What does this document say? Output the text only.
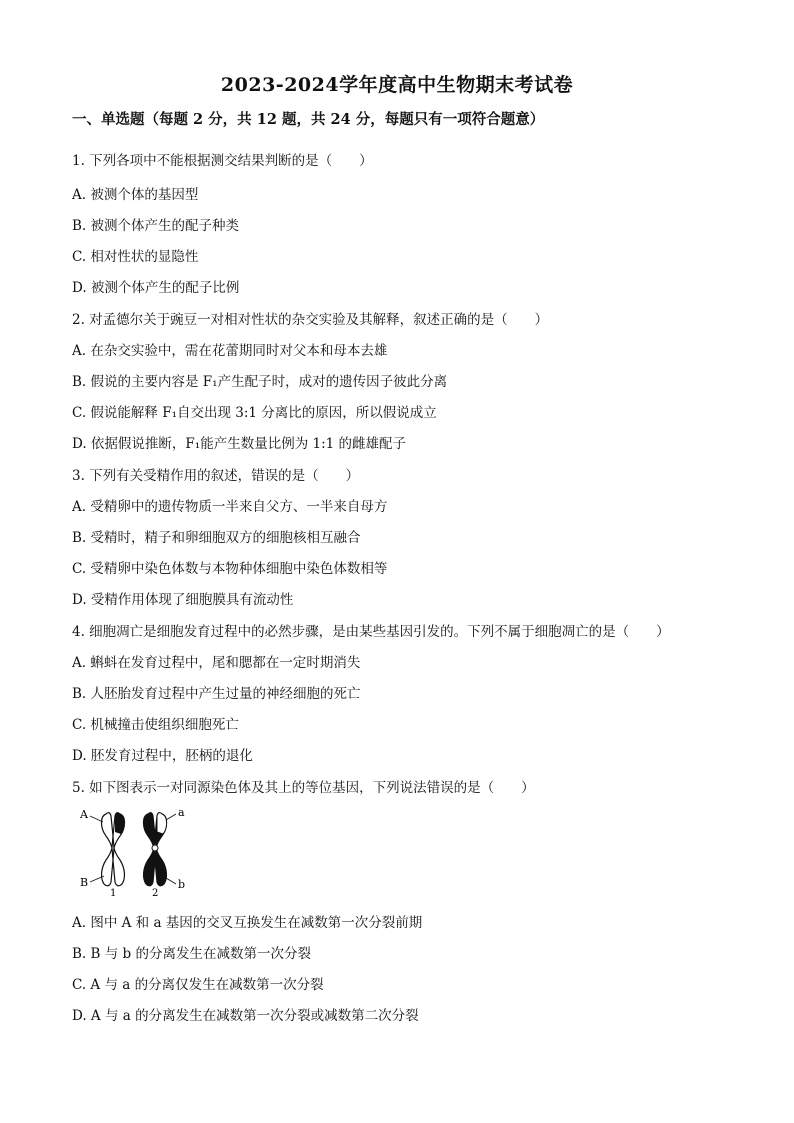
2023-2024学年度高中生物期末考试卷
一、单选题（每题 2 分，共 12 题，共 24 分，每题只有一项符合题意）
1. 下列各项中不能根据测交结果判断的是（　　）
A. 被测个体的基因型
B. 被测个体产生的配子种类
C. 相对性状的显隐性
D. 被测个体产生的配子比例
2. 对孟德尔关于豌豆一对相对性状的杂交实验及其解释，叙述正确的是（　　）
A. 在杂交实验中，需在花蕾期同时对父本和母本去雄
B. 假说的主要内容是 F₁产生配子时，成对的遗传因子彼此分离
C. 假说能解释 F₁自交出现 3:1 分离比的原因，所以假说成立
D. 依据假说推断，F₁能产生数量比例为 1:1 的雌雄配子
3. 下列有关受精作用的叙述，错误的是（　　）
A. 受精卵中的遗传物质一半来自父方、一半来自母方
B. 受精时，精子和卵细胞双方的细胞核相互融合
C. 受精卵中染色体数与本物种体细胞中染色体数相等
D. 受精作用体现了细胞膜具有流动性
4. 细胞凋亡是细胞发育过程中的必然步骤，是由某些基因引发的。下列不属于细胞凋亡的是（　　）
A. 蝌蚪在发育过程中，尾和腮都在一定时期消失
B. 人胚胎发育过程中产生过量的神经细胞的死亡
C. 机械撞击使组织细胞死亡
D. 胚发育过程中，胚柄的退化
5. 如下图表示一对同源染色体及其上的等位基因，下列说法错误的是（　　）
A	a
B	b
1	2
A. 图中 A 和 a 基因的交叉互换发生在减数第一次分裂前期
B. B 与 b 的分离发生在减数第一次分裂
C. A 与 a 的分离仅发生在减数第一次分裂
D. A 与 a 的分离发生在减数第一次分裂或减数第二次分裂
